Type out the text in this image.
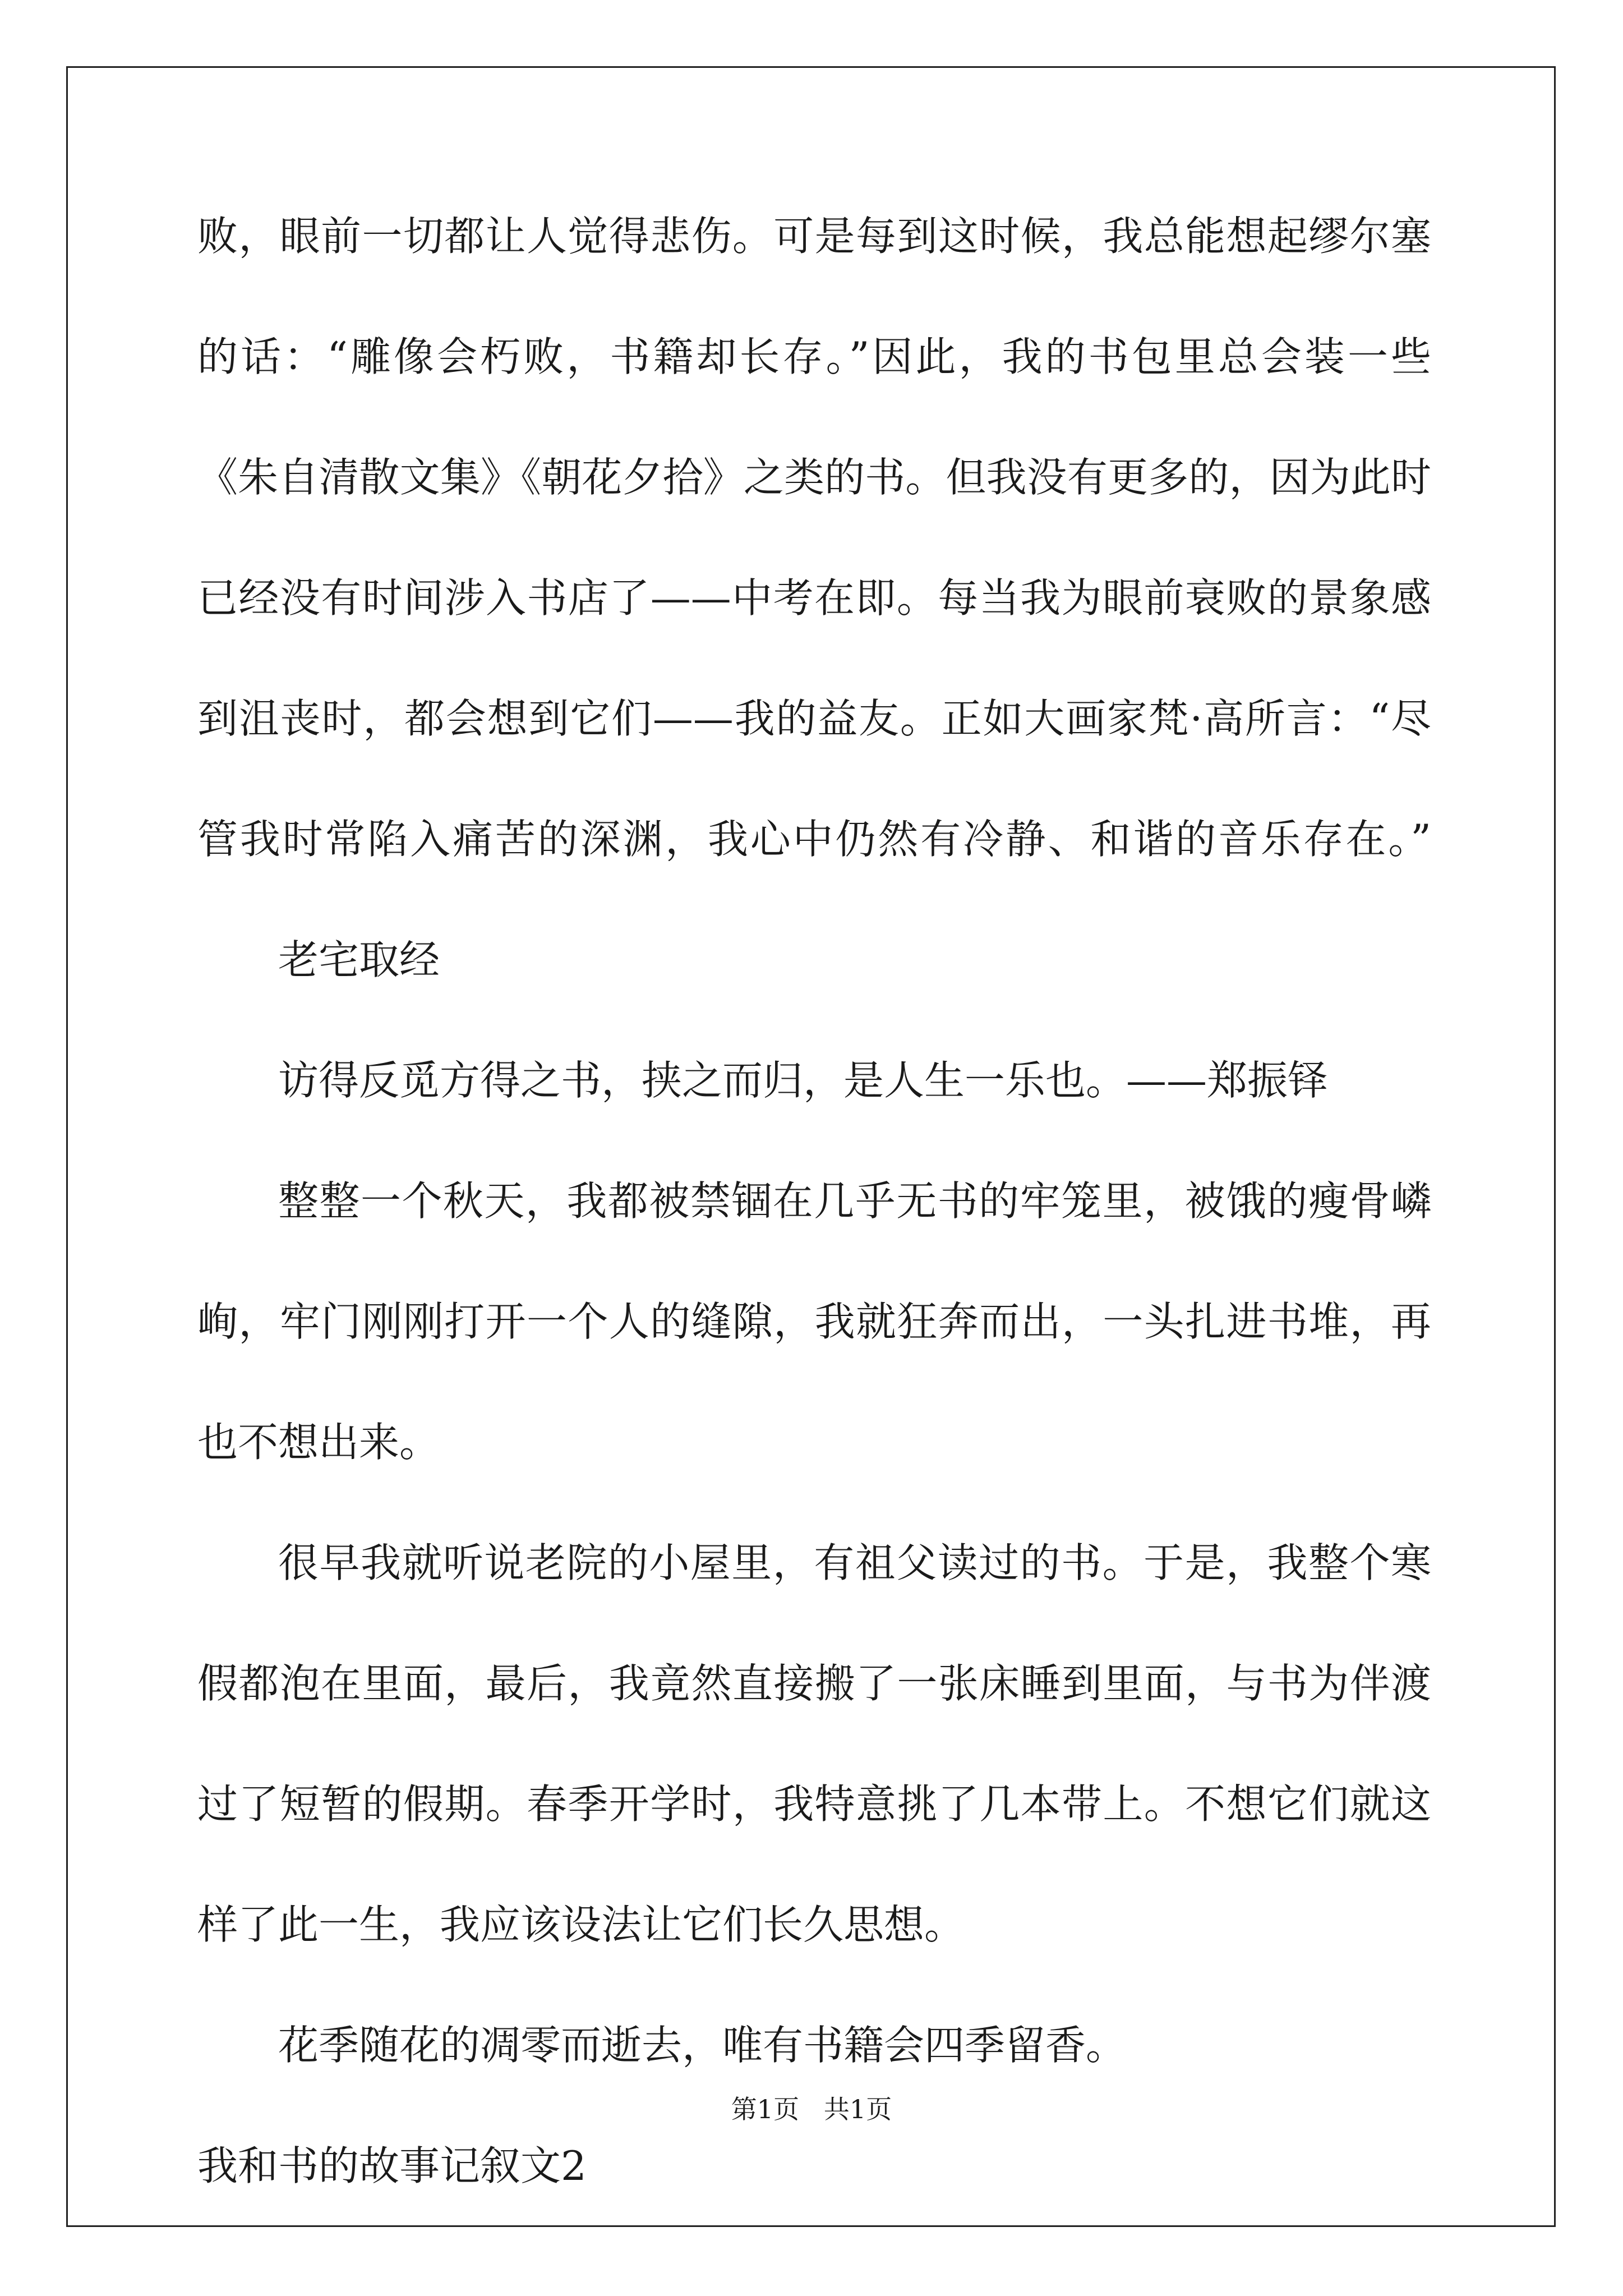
败，眼前一切都让人觉得悲伤。可是每到这时候，我总能想起缪尔塞
的话：“雕像会朽败，书籍却长存。”因此，我的书包里总会装一些
《朱自清散文集》《朝花夕拾》之类的书。但我没有更多的，因为此时
已经没有时间涉入书店了——中考在即。每当我为眼前衰败的景象感
到沮丧时，都会想到它们——我的益友。正如大画家梵·高所言：“尽
管我时常陷入痛苦的深渊，我心中仍然有冷静、和谐的音乐存在。”
老宅取经
访得反觅方得之书，挟之而归，是人生一乐也。——郑振铎
整整一个秋天，我都被禁锢在几乎无书的牢笼里，被饿的瘦骨嶙
峋，牢门刚刚打开一个人的缝隙，我就狂奔而出，一头扎进书堆，再
也不想出来。
很早我就听说老院的小屋里，有祖父读过的书。于是，我整个寒
假都泡在里面，最后，我竟然直接搬了一张床睡到里面，与书为伴渡
过了短暂的假期。春季开学时，我特意挑了几本带上。不想它们就这
样了此一生，我应该设法让它们长久思想。
花季随花的凋零而逝去，唯有书籍会四季留香。
我和书的故事记叙文2
第1页   共1页
